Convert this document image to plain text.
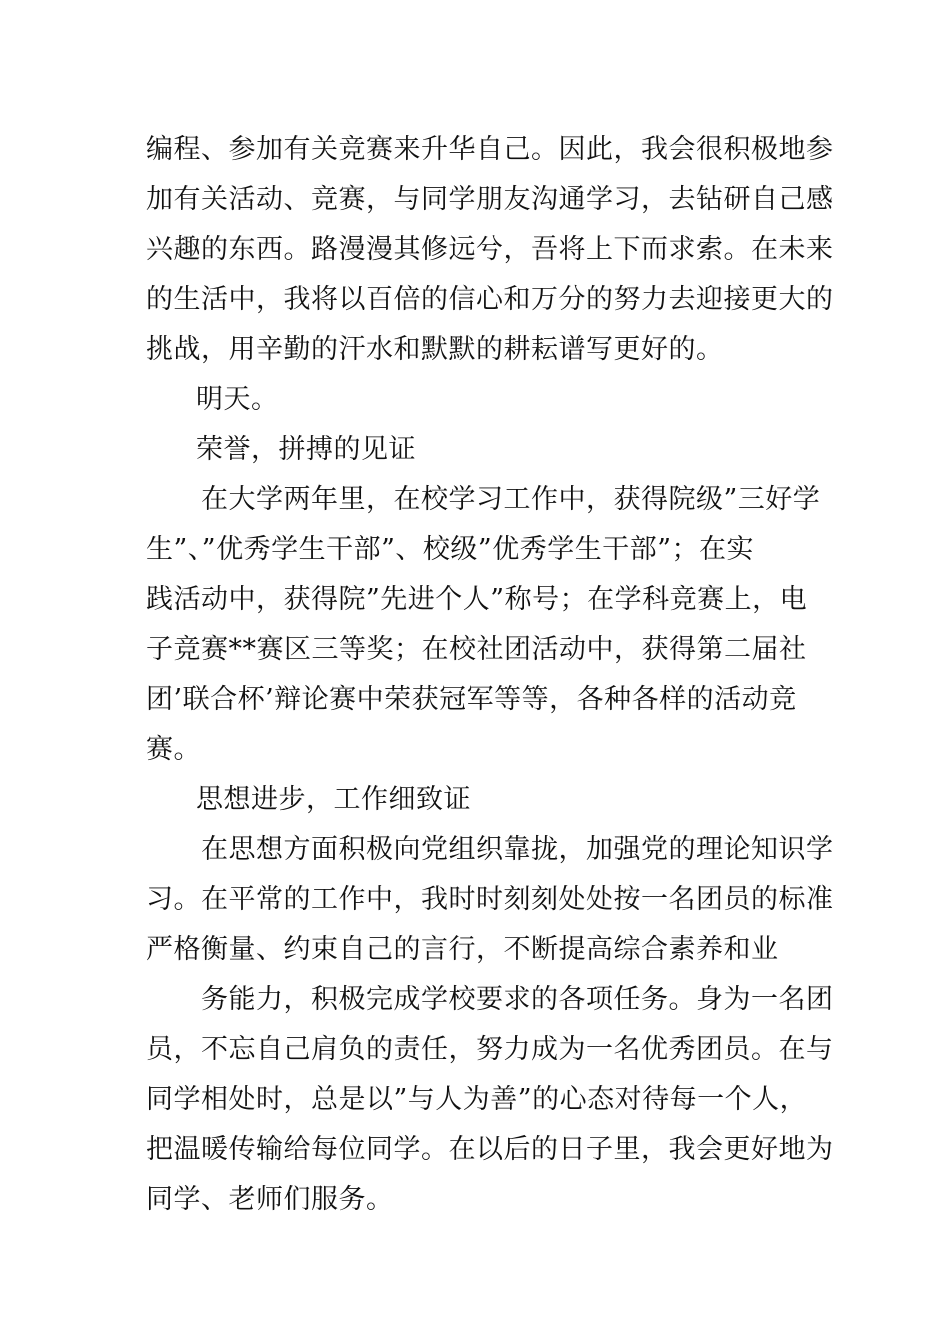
编程、参加有关竞赛来升华自己。因此，我会很积极地参
加有关活动、竞赛，与同学朋友沟通学习，去钻研自己感
兴趣的东西。路漫漫其修远兮，吾将上下而求索。在未来
的生活中，我将以百倍的信心和万分的努力去迎接更大的
挑战，用辛勤的汗水和默默的耕耘谱写更好的。
明天。
荣誉，拼搏的见证
在大学两年里，在校学习工作中，获得院级”三好学
生”、”优秀学生干部”、校级”优秀学生干部”；在实
践活动中，获得院”先进个人”称号；在学科竞赛上，电
子竞赛**赛区三等奖；在校社团活动中，获得第二届社
团’联合杯’辩论赛中荣获冠军等等，各种各样的活动竞
赛。
思想进步，工作细致证
在思想方面积极向党组织靠拢，加强党的理论知识学
习。在平常的工作中，我时时刻刻处处按一名团员的标准
严格衡量、约束自己的言行，不断提高综合素养和业
务能力，积极完成学校要求的各项任务。身为一名团
员，不忘自己肩负的责任，努力成为一名优秀团员。在与
同学相处时，总是以”与人为善”的心态对待每一个人，
把温暖传输给每位同学。在以后的日子里，我会更好地为
同学、老师们服务。
